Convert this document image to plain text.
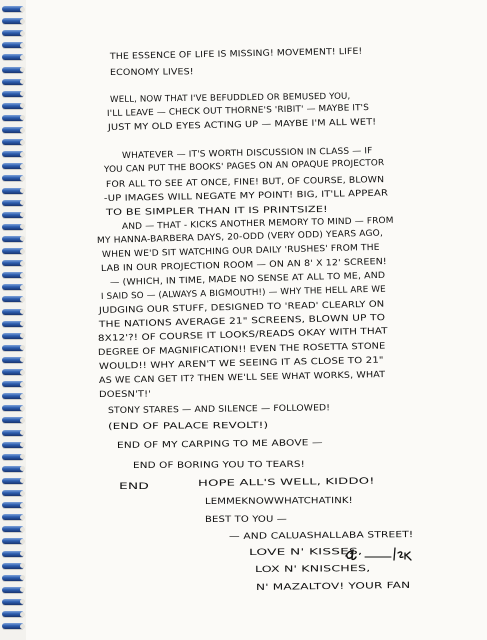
THE ESSENCE OF LIFE IS MISSING! MOVEMENT! LIFE!
ECONOMY LIVES!
WELL, NOW THAT I'VE BEFUDDLED OR BEMUSED YOU,
I'LL LEAVE — CHECK OUT THORNE'S 'RIBIT' — MAYBE IT'S
JUST MY OLD EYES ACTING UP — MAYBE I'M ALL WET!
WHATEVER — IT'S WORTH DISCUSSION IN CLASS — IF
YOU CAN PUT THE BOOKS' PAGES ON AN OPAQUE PROJECTOR
FOR ALL TO SEE AT ONCE, FINE! BUT, OF COURSE, BLOWN
-UP IMAGES WILL NEGATE MY POINT! BIG, IT'LL APPEAR
TO BE SIMPLER THAN IT IS PRINTSIZE!
AND — THAT - KICKS ANOTHER MEMORY TO MIND — FROM
MY HANNA-BARBERA DAYS, 20-ODD (VERY ODD) YEARS AGO,
WHEN WE'D SIT WATCHING OUR DAILY 'RUSHES' FROM THE
LAB IN OUR PROJECTION ROOM — ON AN 8' X 12' SCREEN!
— (WHICH, IN TIME, MADE NO SENSE AT ALL TO ME, AND
I SAID SO — (ALWAYS A BIGMOUTH!) — WHY THE HELL ARE WE
JUDGING OUR STUFF, DESIGNED TO 'READ' CLEARLY ON
THE NATIONS AVERAGE 21" SCREENS, BLOWN UP TO
8X12'?! OF COURSE IT LOOKS/READS OKAY WITH THAT
DEGREE OF MAGNIFICATION!! EVEN THE ROSETTA STONE
WOULD!! WHY AREN'T WE SEEING IT AS CLOSE TO 21"
AS WE CAN GET IT? THEN WE'LL SEE WHAT WORKS, WHAT
DOESN'T!'
STONY STARES — AND SILENCE — FOLLOWED!
(END OF PALACE REVOLT!)
END OF MY CARPING TO ME ABOVE —
END OF BORING YOU TO TEARS!
END	HOPE ALL'S WELL, KIDDO!
LEMMEKNOWWHATCHATINK!
BEST TO YOU —
— AND CALUASHALLABA STREET!
LOVE N' KISSES,
LOX N' KNISCHES,
N' MAZALTOV! YOUR FAN
